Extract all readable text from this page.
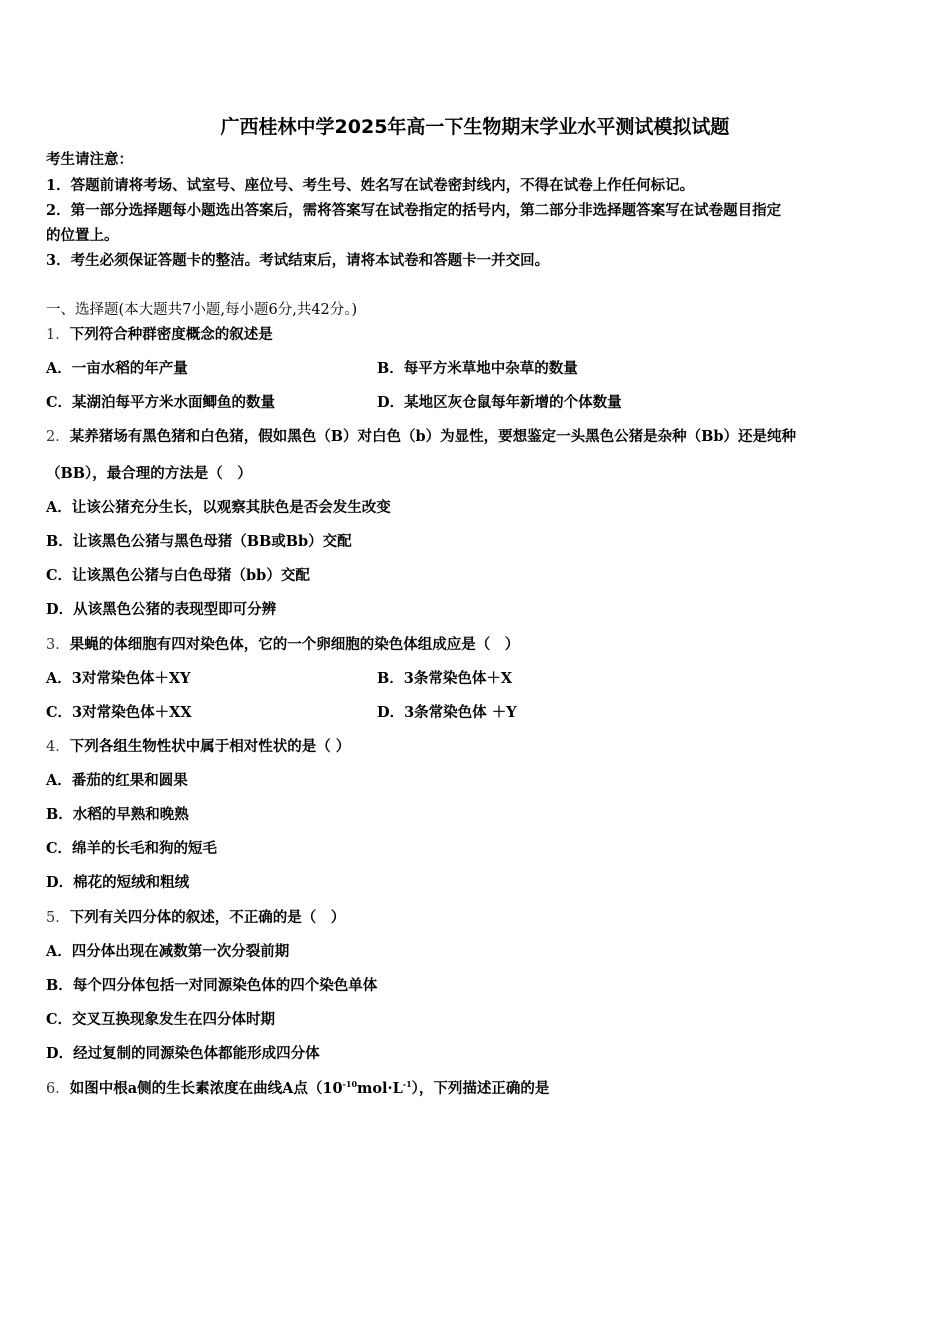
广西桂林中学2025年高一下生物期末学业水平测试模拟试题
考生请注意：
1．答题前请将考场、试室号、座位号、考生号、姓名写在试卷密封线内，不得在试卷上作任何标记。
2．第一部分选择题每小题选出答案后，需将答案写在试卷指定的括号内，第二部分非选择题答案写在试卷题目指定
的位置上。
3．考生必须保证答题卡的整洁。考试结束后，请将本试卷和答题卡一并交回。
一、选择题(本大题共7小题,每小题6分,共42分。)
1．下列符合种群密度概念的叙述是
A．一亩水稻的年产量	B．每平方米草地中杂草的数量
C．某湖泊每平方米水面鲫鱼的数量	D．某地区灰仓鼠每年新增的个体数量
2．某养猪场有黑色猪和白色猪，假如黑色（B）对白色（b）为显性，要想鉴定一头黑色公猪是杂种（Bb）还是纯种
（BB），最合理的方法是（　）
A．让该公猪充分生长，以观察其肤色是否会发生改变
B．让该黑色公猪与黑色母猪（BB或Bb）交配
C．让该黑色公猪与白色母猪（bb）交配
D．从该黑色公猪的表现型即可分辨
3．果蝇的体细胞有四对染色体，它的一个卵细胞的染色体组成应是（　）
A．3对常染色体＋XY	B．3条常染色体＋X
C．3对常染色体＋XX	D．3条常染色体 ＋Y
4．下列各组生物性状中属于相对性状的是（ ）
A．番茄的红果和圆果
B．水稻的早熟和晚熟
C．绵羊的长毛和狗的短毛
D．棉花的短绒和粗绒
5．下列有关四分体的叙述，不正确的是（　）
A．四分体出现在减数第一次分裂前期
B．每个四分体包括一对同源染色体的四个染色单体
C．交叉互换现象发生在四分体时期
D．经过复制的同源染色体都能形成四分体
6．如图中根a侧的生长素浓度在曲线A点$(10^{-10}mol\cdot L^{-1})$，下列描述正确的是
